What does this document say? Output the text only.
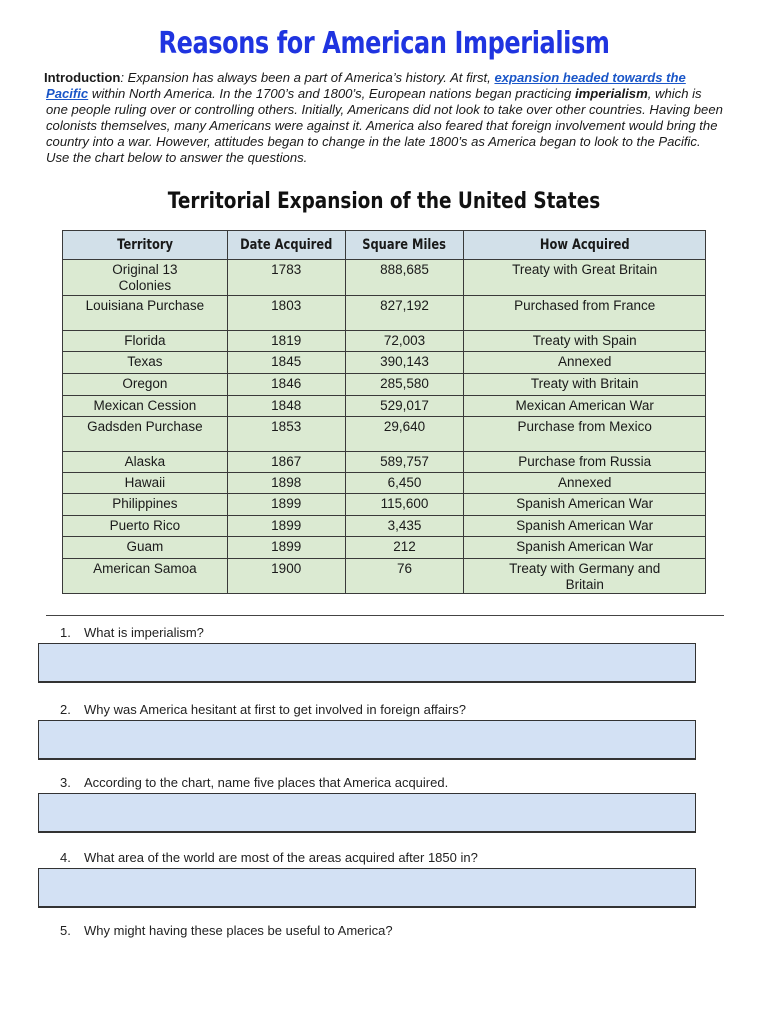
Reasons for American Imperialism
Introduction: Expansion has always been a part of America’s history. At first, expansion headed towards the Pacific within North America. In the 1700’s and 1800’s, European nations began practicing imperialism, which is one people ruling over or controlling others. Initially, Americans did not look to take over other countries. Having been colonists themselves, many Americans were against it. America also feared that foreign involvement would bring the country into a war. However, attitudes began to change in the late 1800’s as America began to look to the Pacific. Use the chart below to answer the questions.
Territorial Expansion of the United States
Territory	Date Acquired	Square Miles	How Acquired
Original 13 Colonies	1783	888,685	Treaty with Great Britain
Louisiana Purchase	1803	827,192	Purchased from France
Florida	1819	72,003	Treaty with Spain
Texas	1845	390,143	Annexed
Oregon	1846	285,580	Treaty with Britain
Mexican Cession	1848	529,017	Mexican American War
Gadsden Purchase	1853	29,640	Purchase from Mexico
Alaska	1867	589,757	Purchase from Russia
Hawaii	1898	6,450	Annexed
Philippines	1899	115,600	Spanish American War
Puerto Rico	1899	3,435	Spanish American War
Guam	1899	212	Spanish American War
American Samoa	1900	76	Treaty with Germany and Britain
1. What is imperialism?
2. Why was America hesitant at first to get involved in foreign affairs?
3. According to the chart, name five places that America acquired.
4. What area of the world are most of the areas acquired after 1850 in?
5. Why might having these places be useful to America?
